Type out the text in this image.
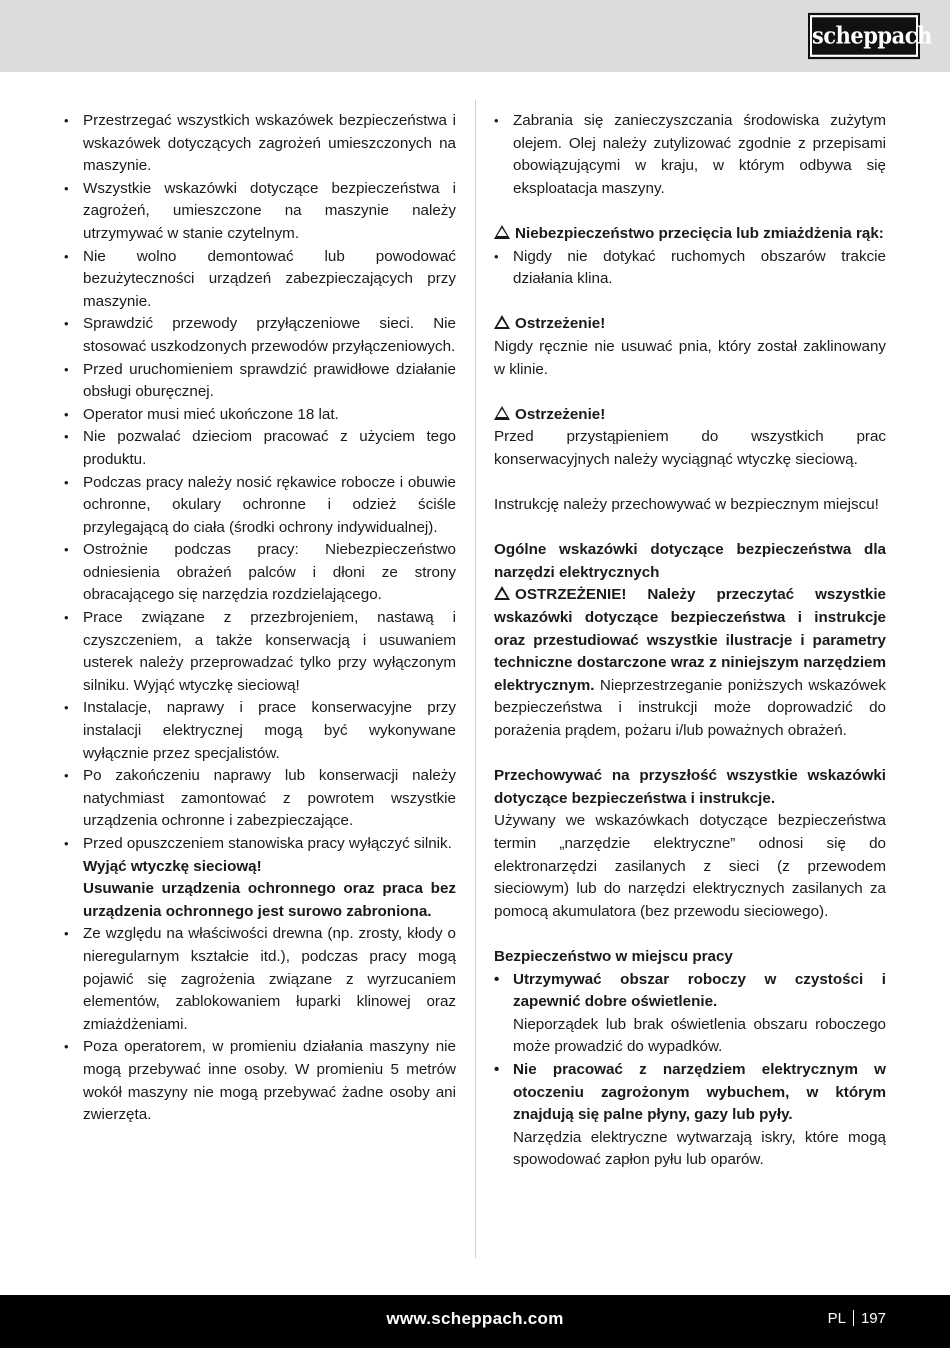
scheppach
• Przestrzegać wszystkich wskazówek bezpieczeństwa i wskazówek dotyczących zagrożeń umieszczonych na maszynie.
• Wszystkie wskazówki dotyczące bezpieczeństwa i zagrożeń, umieszczone na maszynie należy utrzymywać w stanie czytelnym.
• Nie wolno demontować lub powodować bezużyteczności urządzeń zabezpieczających przy maszynie.
• Sprawdzić przewody przyłączeniowe sieci. Nie stosować uszkodzonych przewodów przyłączeniowych.
• Przed uruchomieniem sprawdzić prawidłowe działanie obsługi oburęcznej.
• Operator musi mieć ukończone 18 lat.
• Nie pozwalać dzieciom pracować z użyciem tego produktu.
• Podczas pracy należy nosić rękawice robocze i obuwie ochronne, okulary ochronne i odzież ściśle przylegającą do ciała (środki ochrony indywidualnej).
• Ostrożnie podczas pracy: Niebezpieczeństwo odniesienia obrażeń palców i dłoni ze strony obracającego się narzędzia rozdzielającego.
• Prace związane z przezbrojeniem, nastawą i czyszczeniem, a także konserwacją i usuwaniem usterek należy przeprowadzać tylko przy wyłączonym silniku. Wyjąć wtyczkę sieciową!
• Instalacje, naprawy i prace konserwacyjne przy instalacji elektrycznej mogą być wykonywane wyłącznie przez specjalistów.
• Po zakończeniu naprawy lub konserwacji należy natychmiast zamontować z powrotem wszystkie urządzenia ochronne i zabezpieczające.
• Przed opuszczeniem stanowiska pracy wyłączyć silnik.
Wyjąć wtyczkę sieciową!
Usuwanie urządzenia ochronnego oraz praca bez urządzenia ochronnego jest surowo zabroniona.
• Ze względu na właściwości drewna (np. zrosty, kłody o nieregularnym kształcie itd.), podczas pracy mogą pojawić się zagrożenia związane z wyrzucaniem elementów, zablokowaniem łuparki klinowej oraz zmiażdżeniami.
• Poza operatorem, w promieniu działania maszyny nie mogą przebywać inne osoby. W promieniu 5 metrów wokół maszyny nie mogą przebywać żadne osoby ani zwierzęta.
• Zabrania się zanieczyszczania środowiska zużytym olejem. Olej należy zutylizować zgodnie z przepisami obowiązującymi w kraju, w którym odbywa się eksploatacja maszyny.

Niebezpieczeństwo przecięcia lub zmiażdżenia rąk:

• Nigdy nie dotykać ruchomych obszarów trakcie działania klina.

Ostrzeżenie!

Nigdy ręcznie nie usuwać pnia, który został zaklinowany w klinie.

Ostrzeżenie!

Przed przystąpieniem do wszystkich prac konserwacyjnych należy wyciągnąć wtyczkę sieciową.

Instrukcję należy przechowywać w bezpiecznym miejscu!

Ogólne wskazówki dotyczące bezpieczeństwa dla narzędzi elektrycznych

OSTRZEŻENIE! Należy przeczytać wszystkie wskazówki dotyczące bezpieczeństwa i instrukcje oraz przestudiować wszystkie ilustracje i parametry techniczne dostarczone wraz z niniejszym narzędziem elektrycznym. Nieprzestrzeganie poniższych wskazówek bezpieczeństwa i instrukcji może doprowadzić do porażenia prądem, pożaru i/lub poważnych obrażeń.

Przechowywać na przyszłość wszystkie wskazówki dotyczące bezpieczeństwa i instrukcje.

Używany we wskazówkach dotyczące bezpieczeństwa termin „narzędzie elektryczne” odnosi się do elektronarzędzi zasilanych z sieci (z przewodem sieciowym) lub do narzędzi elektrycznych zasilanych za pomocą akumulatora (bez przewodu sieciowego).

Bezpieczeństwo w miejscu pracy

• Utrzymywać obszar roboczy w czystości i zapewnić dobre oświetlenie.
Nieporządek lub brak oświetlenia obszaru roboczego może prowadzić do wypadków.
• Nie pracować z narzędziem elektrycznym w otoczeniu zagrożonym wybuchem, w którym znajdują się palne płyny, gazy lub pyły.
Narzędzia elektryczne wytwarzają iskry, które mogą spowodować zapłon pyłu lub oparów.
www.scheppach.com	PL 197
